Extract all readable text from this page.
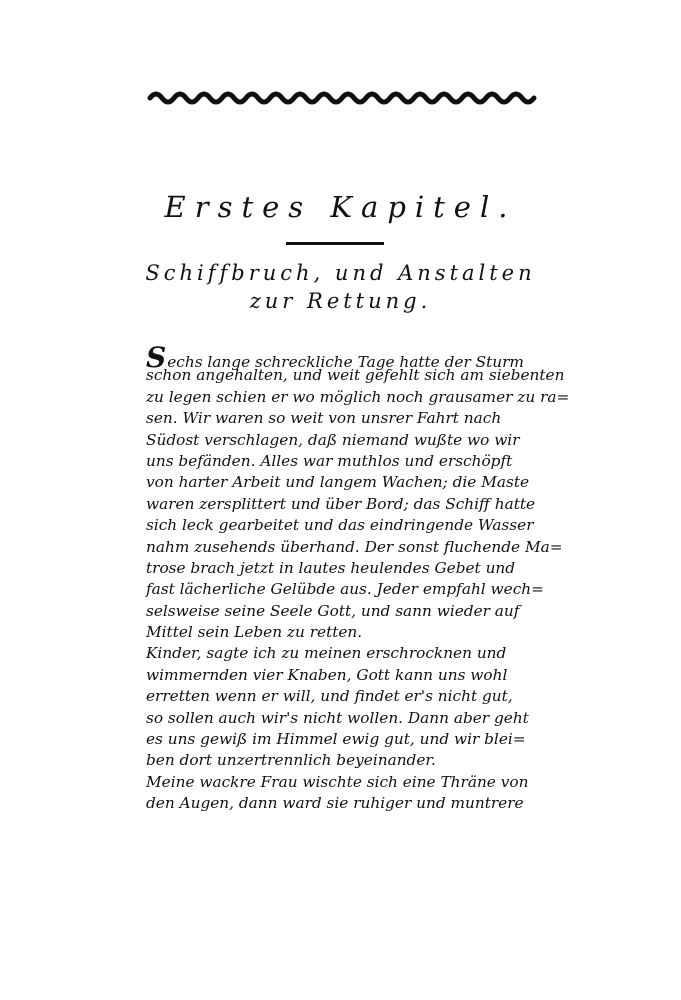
Erstes Kapitel.
Schiffbruch, und Anstalten
zur Rettung.
Sechs lange schreckliche Tage hatte der Sturm
schon angehalten, und weit gefehlt sich am siebenten
zu legen schien er wo möglich noch grausamer zu ra=
sen. Wir waren so weit von unsrer Fahrt nach
Südost verschlagen, daß niemand wußte wo wir
uns befänden. Alles war muthlos und erschöpft
von harter Arbeit und langem Wachen; die Maste
waren zersplittert und über Bord; das Schiff hatte
sich leck gearbeitet und das eindringende Wasser
nahm zusehends überhand. Der sonst fluchende Ma=
trose brach jetzt in lautes heulendes Gebet und
fast lächerliche Gelübde aus. Jeder empfahl wech=
selsweise seine Seele Gott, und sann wieder auf
Mittel sein Leben zu retten.
Kinder, sagte ich zu meinen erschrocknen und
wimmernden vier Knaben, Gott kann uns wohl
erretten wenn er will, und findet er's nicht gut,
so sollen auch wir's nicht wollen. Dann aber geht
es uns gewiß im Himmel ewig gut, und wir blei=
ben dort unzertrennlich beyeinander.
Meine wackre Frau wischte sich eine Thräne von
den Augen, dann ward sie ruhiger und muntrere
